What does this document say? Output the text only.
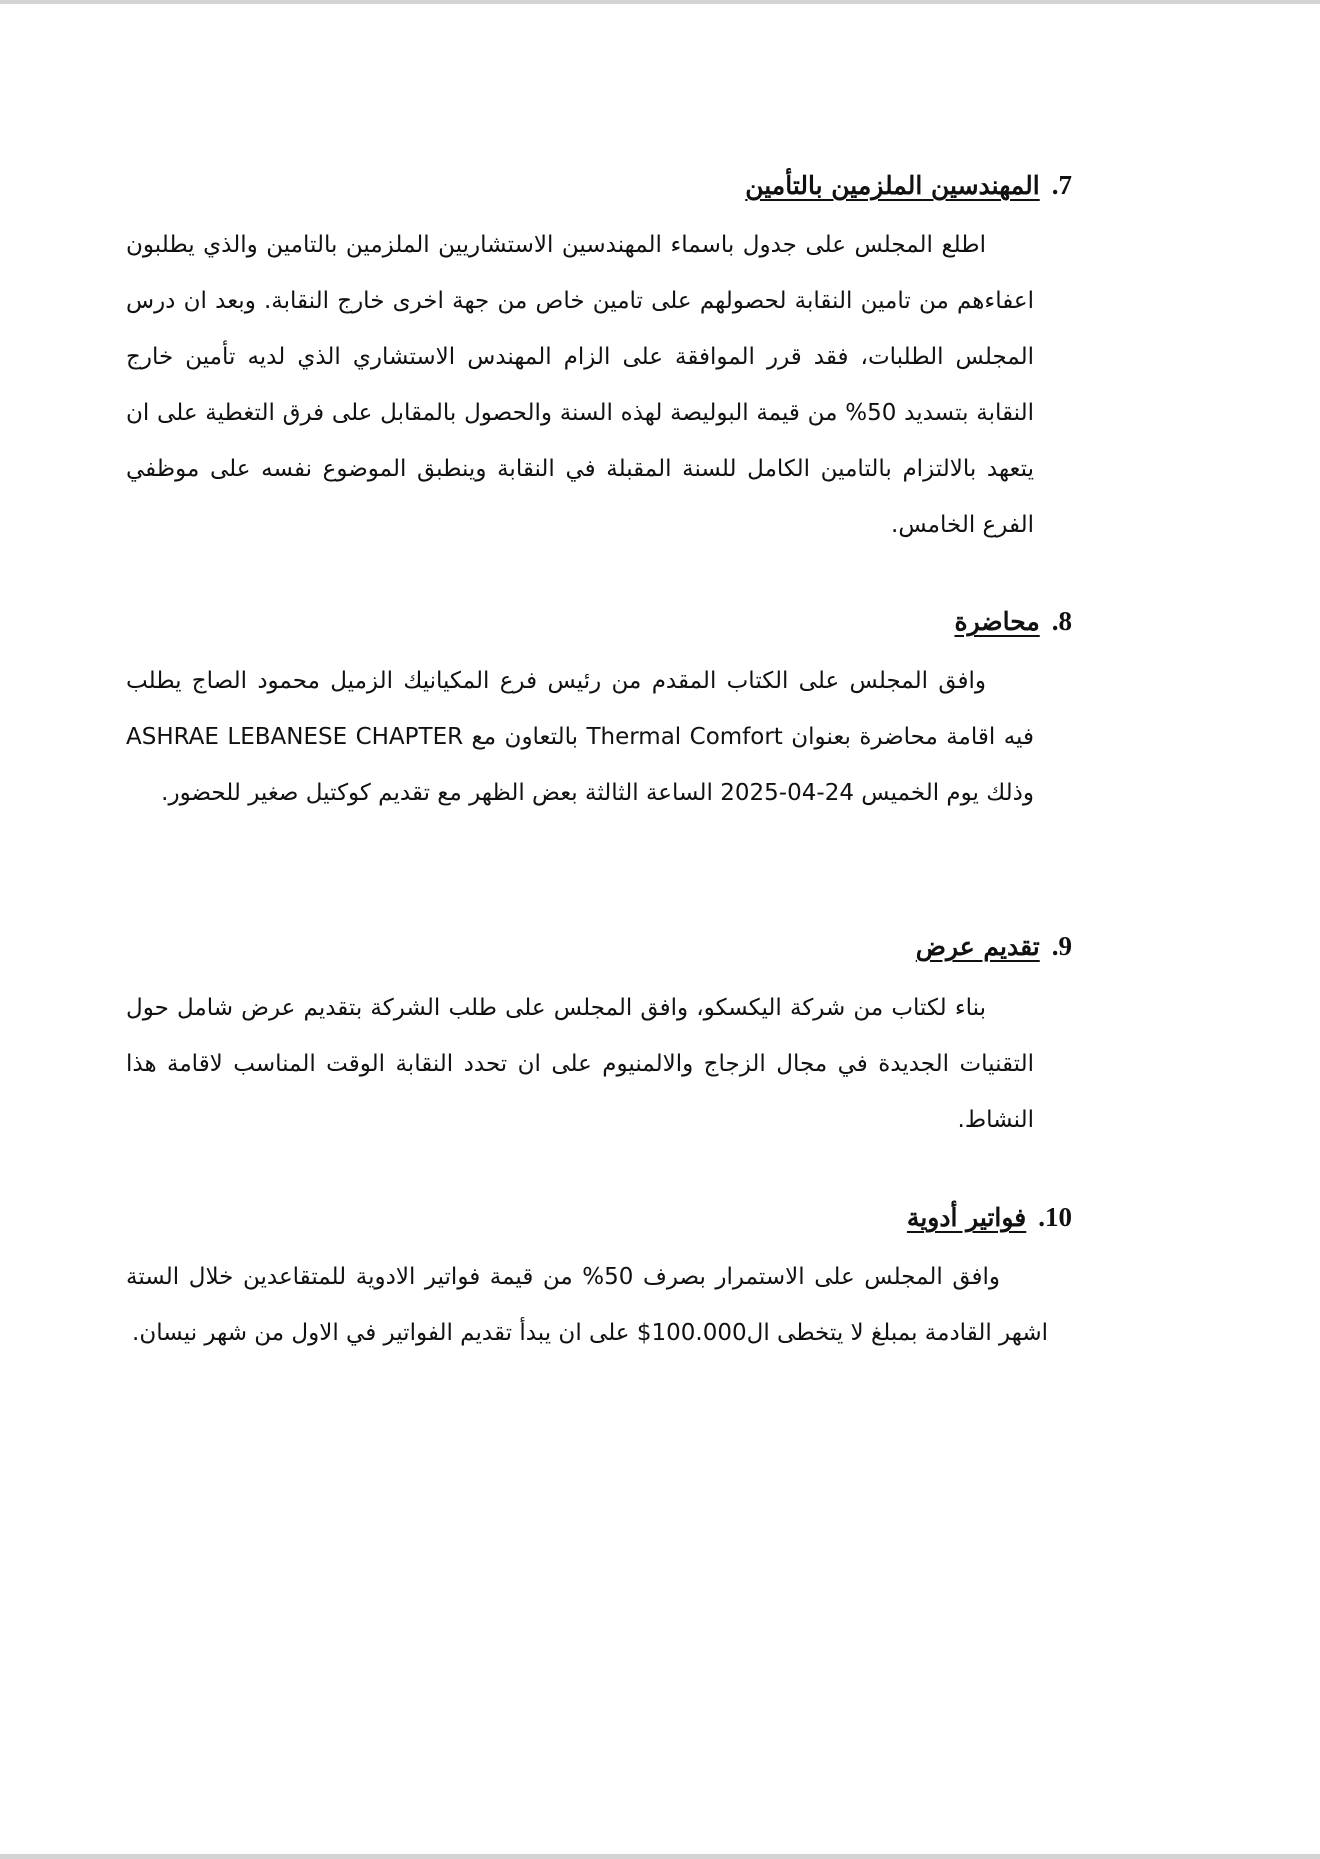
7.المهندسين الملزمين بالتأمين

اطلع المجلس على جدول باسماء المهندسين الاستشاريين الملزمين بالتامين والذي يطلبون اعفاءهم من تامين النقابة لحصولهم على تامين خاص من جهة اخرى خارج النقابة. وبعد ان درس المجلس الطلبات، فقد قرر الموافقة على الزام المهندس الاستشاري الذي لديه تأمين خارج النقابة بتسديد 50% من قيمة البوليصة لهذه السنة والحصول بالمقابل على فرق التغطية على ان يتعهد بالالتزام بالتامين الكامل للسنة المقبلة في النقابة وينطبق الموضوع نفسه على موظفي الفرع الخامس.

8.محاضرة

وافق المجلس على الكتاب المقدم من رئيس فرع المكيانيك الزميل محمود الصاج يطلب فيه اقامة محاضرة بعنوان Thermal Comfort بالتعاون مع ASHRAE LEBANESE CHAPTER وذلك يوم الخميس 24-04-2025 الساعة الثالثة بعض الظهر مع تقديم كوكتيل صغير للحضور.

9.تقديم عرض

بناء لكتاب من شركة اليكسكو، وافق المجلس على طلب الشركة بتقديم عرض شامل حول التقنيات الجديدة في مجال الزجاج والالمنيوم على ان تحدد النقابة الوقت المناسب لاقامة هذا النشاط.

10.فواتير أدوية

وافق المجلس على الاستمرار بصرف 50% من قيمة فواتير الادوية للمتقاعدين خلال الستة اشهر القادمة بمبلغ لا يتخطى ال100.000$ على ان يبدأ تقديم الفواتير في الاول من شهر نيسان.
